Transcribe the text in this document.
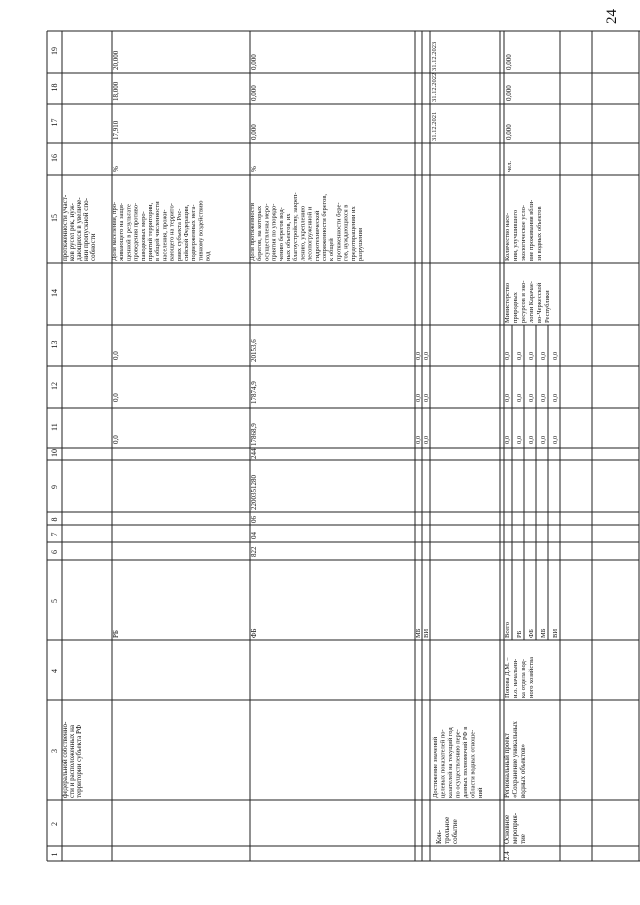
24
1
2
3
4
5
6
7
8
9
10
11
12
13
14
15
16
17
18
19
федеральной собственно- сти и расположенных на территории субъекта РФ
протяженности участ- ков русел рек, нуж- дающихся в увеличе- нии пропускной спо- собности
РБ
0,0
0,0
0,0
Доля населения, про- живающего на защи- щенной в результате проведения противо- паводковых меро- приятий территории, в общей численности населения, прожи- вающего на террито- риях субъекта Рос- сийской Федерации, подверженных нега- тивному воздействию вод
%
17,910
18,000
20,000
ФБ
822
04
06
2200351280
244
17868,9
17874,9
20153,6
Доля протяженности берегов, на которых осуществлены меро- приятия по упорядо- чению берегов вод- ных объектов, их благоустройству, закреп- лению, укреплению лесопогруженной и гидротехнической сопряженности берегов, к общей протяженности бере- гов, нуждающихся в предотвращении их разрушения
%
0,000
0,000
0,000
МБ
0,0
0,0
0,0
ВИ
0,0
0,0
0,0
Кон- трольное событие
Достижение значений целевых показателей по- казателей на текущий год по осуществлению пере- данных полномочий РФ в области водных отноше- ний
31.12.2021
31.12.2022
31.12.2023
2.4
Основное мероприя- тие
Региональный проект «Сохранение уникальных водных объектов»
Попова Д.М. – и.о. начальни- ка отдела вод- ного хозяйства
Всего
0,0
0,0
0,0
РБ
0,0
0,0
0,0
ФБ
0,0
0,0
0,0
МБ
0,0
0,0
0,0
ВИ
0,0
0,0
0,0
Министерство природных ресурсов и эко- логии Карачае- во-Черкесской Республики
Количество насе- ния, улучшившего экологическое усло- вие проживания вбли- зи водных объектов
чел.
0,000
0,000
0,000
